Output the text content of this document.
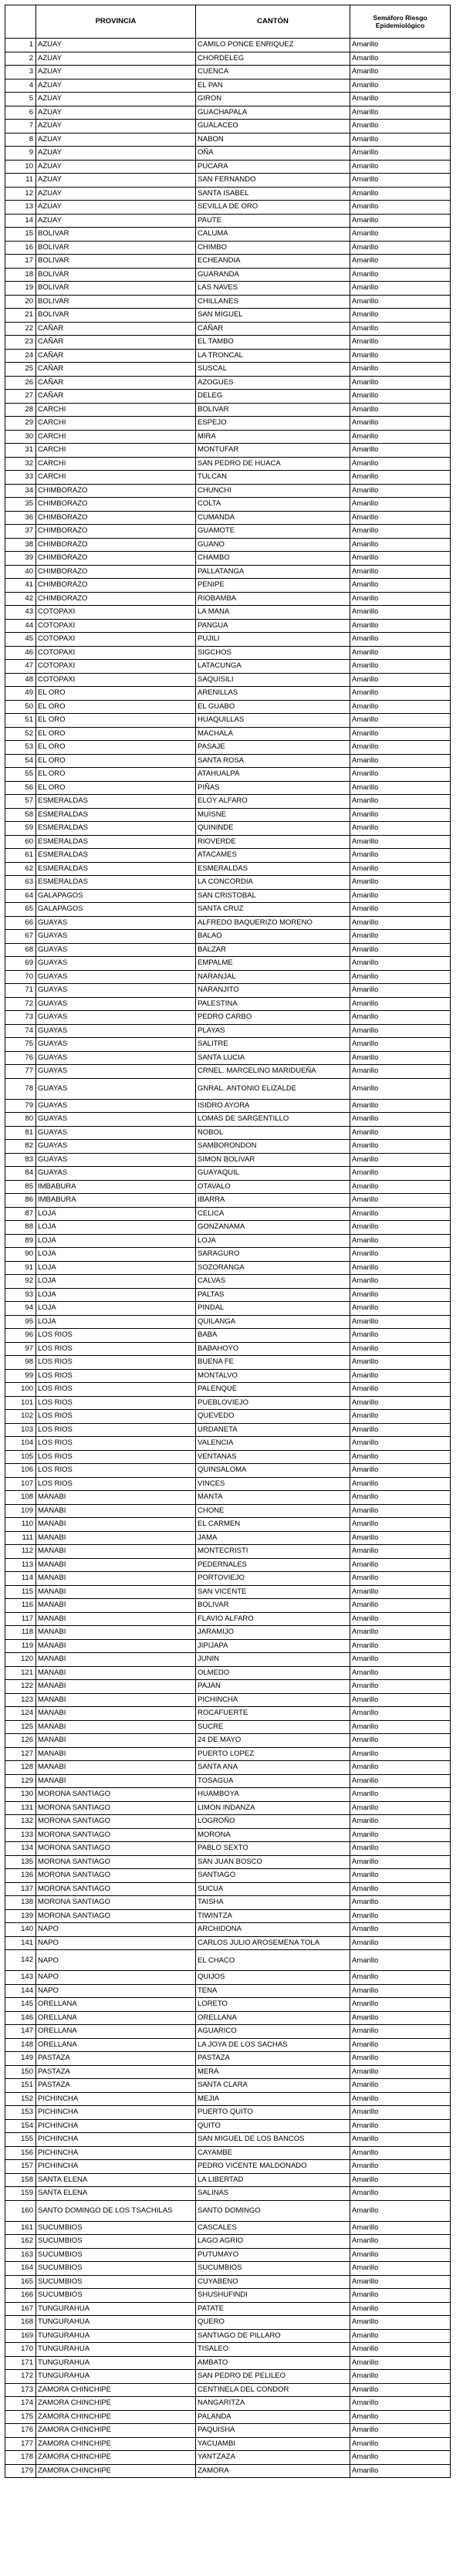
	PROVINCIA	CANTÓN	Semáforo Riesgo Epidemiológico
1	AZUAY	CAMILO PONCE ENRIQUEZ	Amarillo
2	AZUAY	CHORDELEG	Amarillo
3	AZUAY	CUENCA	Amarillo
4	AZUAY	EL PAN	Amarillo
5	AZUAY	GIRON	Amarillo
6	AZUAY	GUACHAPALA	Amarillo
7	AZUAY	GUALACEO	Amarillo
8	AZUAY	NABON	Amarillo
9	AZUAY	OÑA	Amarillo
10	AZUAY	PUCARA	Amarillo
11	AZUAY	SAN FERNANDO	Amarillo
12	AZUAY	SANTA ISABEL	Amarillo
13	AZUAY	SEVILLA DE ORO	Amarillo
14	AZUAY	PAUTE	Amarillo
15	BOLIVAR	CALUMA	Amarillo
16	BOLIVAR	CHIMBO	Amarillo
17	BOLIVAR	ECHEANDIA	Amarillo
18	BOLIVAR	GUARANDA	Amarillo
19	BOLIVAR	LAS NAVES	Amarillo
20	BOLIVAR	CHILLANES	Amarillo
21	BOLIVAR	SAN MIGUEL	Amarillo
22	CAÑAR	CAÑAR	Amarillo
23	CAÑAR	EL TAMBO	Amarillo
24	CAÑAR	LA TRONCAL	Amarillo
25	CAÑAR	SUSCAL	Amarillo
26	CAÑAR	AZOGUES	Amarillo
27	CAÑAR	DELEG	Amarillo
28	CARCHI	BOLIVAR	Amarillo
29	CARCHI	ESPEJO	Amarillo
30	CARCHI	MIRA	Amarillo
31	CARCHI	MONTUFAR	Amarillo
32	CARCHI	SAN PEDRO DE HUACA	Amarillo
33	CARCHI	TULCAN	Amarillo
34	CHIMBORAZO	CHUNCHI	Amarillo
35	CHIMBORAZO	COLTA	Amarillo
36	CHIMBORAZO	CUMANDA	Amarillo
37	CHIMBORAZO	GUAMOTE	Amarillo
38	CHIMBORAZO	GUANO	Amarillo
39	CHIMBORAZO	CHAMBO	Amarillo
40	CHIMBORAZO	PALLATANGA	Amarillo
41	CHIMBORAZO	PENIPE	Amarillo
42	CHIMBORAZO	RIOBAMBA	Amarillo
43	COTOPAXI	LA MANA	Amarillo
44	COTOPAXI	PANGUA	Amarillo
45	COTOPAXI	PUJILI	Amarillo
46	COTOPAXI	SIGCHOS	Amarillo
47	COTOPAXI	LATACUNGA	Amarillo
48	COTOPAXI	SAQUISILI	Amarillo
49	EL ORO	ARENILLAS	Amarillo
50	EL ORO	EL GUABO	Amarillo
51	EL ORO	HUAQUILLAS	Amarillo
52	EL ORO	MACHALA	Amarillo
53	EL ORO	PASAJE	Amarillo
54	EL ORO	SANTA ROSA	Amarillo
55	EL ORO	ATAHUALPA	Amarillo
56	EL ORO	PIÑAS	Amarillo
57	ESMERALDAS	ELOY ALFARO	Amarillo
58	ESMERALDAS	MUISNE	Amarillo
59	ESMERALDAS	QUININDE	Amarillo
60	ESMERALDAS	RIOVERDE	Amarillo
61	ESMERALDAS	ATACAMES	Amarillo
62	ESMERALDAS	ESMERALDAS	Amarillo
63	ESMERALDAS	LA CONCORDIA	Amarillo
64	GALAPAGOS	SAN CRISTOBAL	Amarillo
65	GALAPAGOS	SANTA CRUZ	Amarillo
66	GUAYAS	ALFREDO BAQUERIZO MORENO	Amarillo
67	GUAYAS	BALAO	Amarillo
68	GUAYAS	BALZAR	Amarillo
69	GUAYAS	EMPALME	Amarillo
70	GUAYAS	NARANJAL	Amarillo
71	GUAYAS	NARANJITO	Amarillo
72	GUAYAS	PALESTINA	Amarillo
73	GUAYAS	PEDRO CARBO	Amarillo
74	GUAYAS	PLAYAS	Amarillo
75	GUAYAS	SALITRE	Amarillo
76	GUAYAS	SANTA LUCIA	Amarillo
77	GUAYAS	CRNEL. MARCELINO MARIDUEÑA	Amarillo
78	GUAYAS	GNRAL. ANTONIO ELIZALDE	Amarillo
79	GUAYAS	ISIDRO AYORA	Amarillo
80	GUAYAS	LOMAS DE SARGENTILLO	Amarillo
81	GUAYAS	NOBOL	Amarillo
82	GUAYAS	SAMBORONDON	Amarillo
83	GUAYAS	SIMON BOLIVAR	Amarillo
84	GUAYAS	GUAYAQUIL	Amarillo
85	IMBABURA	OTAVALO	Amarillo
86	IMBABURA	IBARRA	Amarillo
87	LOJA	CELICA	Amarillo
88	LOJA	GONZANAMA	Amarillo
89	LOJA	LOJA	Amarillo
90	LOJA	SARAGURO	Amarillo
91	LOJA	SOZORANGA	Amarillo
92	LOJA	CALVAS	Amarillo
93	LOJA	PALTAS	Amarillo
94	LOJA	PINDAL	Amarillo
95	LOJA	QUILANGA	Amarillo
96	LOS RIOS	BABA	Amarillo
97	LOS RIOS	BABAHOYO	Amarillo
98	LOS RIOS	BUENA FE	Amarillo
99	LOS RIOS	MONTALVO	Amarillo
100	LOS RIOS	PALENQUE	Amarillo
101	LOS RIOS	PUEBLOVIEJO	Amarillo
102	LOS RIOS	QUEVEDO	Amarillo
103	LOS RIOS	URDANETA	Amarillo
104	LOS RIOS	VALENCIA	Amarillo
105	LOS RIOS	VENTANAS	Amarillo
106	LOS RIOS	QUINSALOMA	Amarillo
107	LOS RIOS	VINCES	Amarillo
108	MANABI	MANTA	Amarillo
109	MANABI	CHONE	Amarillo
110	MANABI	EL CARMEN	Amarillo
111	MANABI	JAMA	Amarillo
112	MANABI	MONTECRISTI	Amarillo
113	MANABI	PEDERNALES	Amarillo
114	MANABI	PORTOVIEJO	Amarillo
115	MANABI	SAN VICENTE	Amarillo
116	MANABI	BOLIVAR	Amarillo
117	MANABI	FLAVIO ALFARO	Amarillo
118	MANABI	JARAMIJO	Amarillo
119	MANABI	JIPIJAPA	Amarillo
120	MANABI	JUNIN	Amarillo
121	MANABI	OLMEDO	Amarillo
122	MANABI	PAJAN	Amarillo
123	MANABI	PICHINCHA	Amarillo
124	MANABI	ROCAFUERTE	Amarillo
125	MANABI	SUCRE	Amarillo
126	MANABI	24 DE MAYO	Amarillo
127	MANABI	PUERTO LOPEZ	Amarillo
128	MANABI	SANTA ANA	Amarillo
129	MANABI	TOSAGUA	Amarillo
130	MORONA SANTIAGO	HUAMBOYA	Amarillo
131	MORONA SANTIAGO	LIMON INDANZA	Amarillo
132	MORONA SANTIAGO	LOGROÑO	Amarillo
133	MORONA SANTIAGO	MORONA	Amarillo
134	MORONA SANTIAGO	PABLO SEXTO	Amarillo
135	MORONA SANTIAGO	SAN JUAN BOSCO	Amarillo
136	MORONA SANTIAGO	SANTIAGO	Amarillo
137	MORONA SANTIAGO	SUCUA	Amarillo
138	MORONA SANTIAGO	TAISHA	Amarillo
139	MORONA SANTIAGO	TIWINTZA	Amarillo
140	NAPO	ARCHIDONA	Amarillo
141	NAPO	CARLOS JULIO AROSEMENA TOLA	Amarillo
142	NAPO	EL CHACO	Amarillo
143	NAPO	QUIJOS	Amarillo
144	NAPO	TENA	Amarillo
145	ORELLANA	LORETO	Amarillo
146	ORELLANA	ORELLANA	Amarillo
147	ORELLANA	AGUARICO	Amarillo
148	ORELLANA	LA JOYA DE LOS SACHAS	Amarillo
149	PASTAZA	PASTAZA	Amarillo
150	PASTAZA	MERA	Amarillo
151	PASTAZA	SANTA CLARA	Amarillo
152	PICHINCHA	MEJIA	Amarillo
153	PICHINCHA	PUERTO QUITO	Amarillo
154	PICHINCHA	QUITO	Amarillo
155	PICHINCHA	SAN MIGUEL DE LOS BANCOS	Amarillo
156	PICHINCHA	CAYAMBE	Amarillo
157	PICHINCHA	PEDRO VICENTE MALDONADO	Amarillo
158	SANTA ELENA	LA LIBERTAD	Amarillo
159	SANTA ELENA	SALINAS	Amarillo
160	SANTO DOMINGO DE LOS TSACHILAS	SANTO DOMINGO	Amarillo
161	SUCUMBIOS	CASCALES	Amarillo
162	SUCUMBIOS	LAGO AGRIO	Amarillo
163	SUCUMBIOS	PUTUMAYO	Amarillo
164	SUCUMBIOS	SUCUMBIOS	Amarillo
165	SUCUMBIOS	CUYABENO	Amarillo
166	SUCUMBIOS	SHUSHUFINDI	Amarillo
167	TUNGURAHUA	PATATE	Amarillo
168	TUNGURAHUA	QUERO	Amarillo
169	TUNGURAHUA	SANTIAGO DE PILLARO	Amarillo
170	TUNGURAHUA	TISALEO	Amarillo
171	TUNGURAHUA	AMBATO	Amarillo
172	TUNGURAHUA	SAN PEDRO DE PELILEO	Amarillo
173	ZAMORA CHINCHIPE	CENTINELA DEL CONDOR	Amarillo
174	ZAMORA CHINCHIPE	NANGARITZA	Amarillo
175	ZAMORA CHINCHIPE	PALANDA	Amarillo
176	ZAMORA CHINCHIPE	PAQUISHA	Amarillo
177	ZAMORA CHINCHIPE	YACUAMBI	Amarillo
178	ZAMORA CHINCHIPE	YANTZAZA	Amarillo
179	ZAMORA CHINCHIPE	ZAMORA	Amarillo
